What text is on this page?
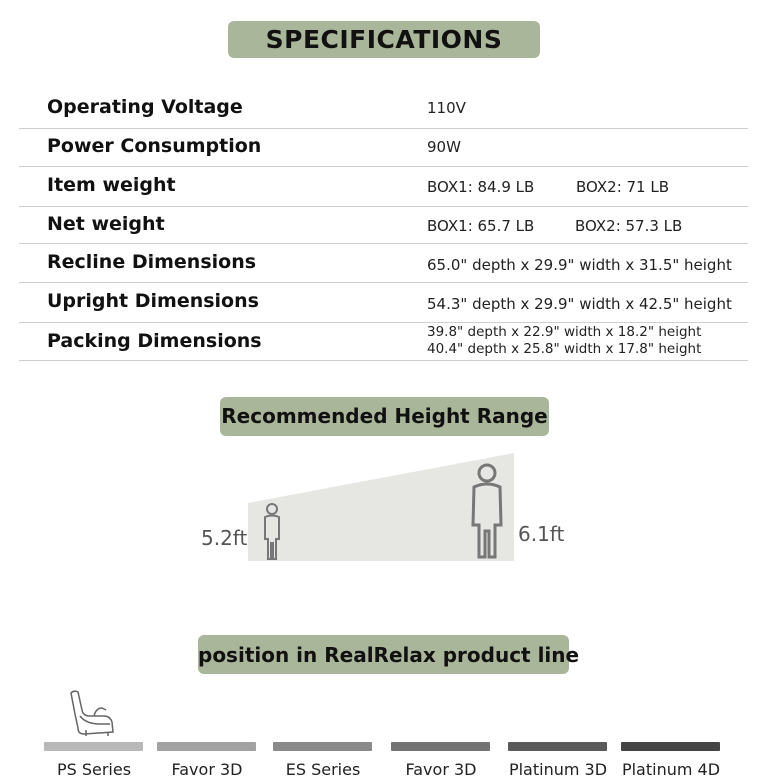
SPECIFICATIONS
Operating Voltage	110V
Power Consumption	90W
Item weight	BOX1: 84.9 LB	BOX2: 71 LB
Net weight	BOX1: 65.7 LB	BOX2: 57.3 LB
Recline Dimensions	65.0" depth x 29.9" width x 31.5" height
Upright Dimensions	54.3" depth x 29.9" width x 42.5" height
Packing Dimensions	39.8" depth x 22.9" width x 18.2" height
40.4" depth x 25.8" width x 17.8" height
Recommended Height Range
5.2ft	6.1ft
position in RealRelax product line
PS Series	Favor 3D	ES Series	Favor 3D	Platinum 3D Platinum 4D
